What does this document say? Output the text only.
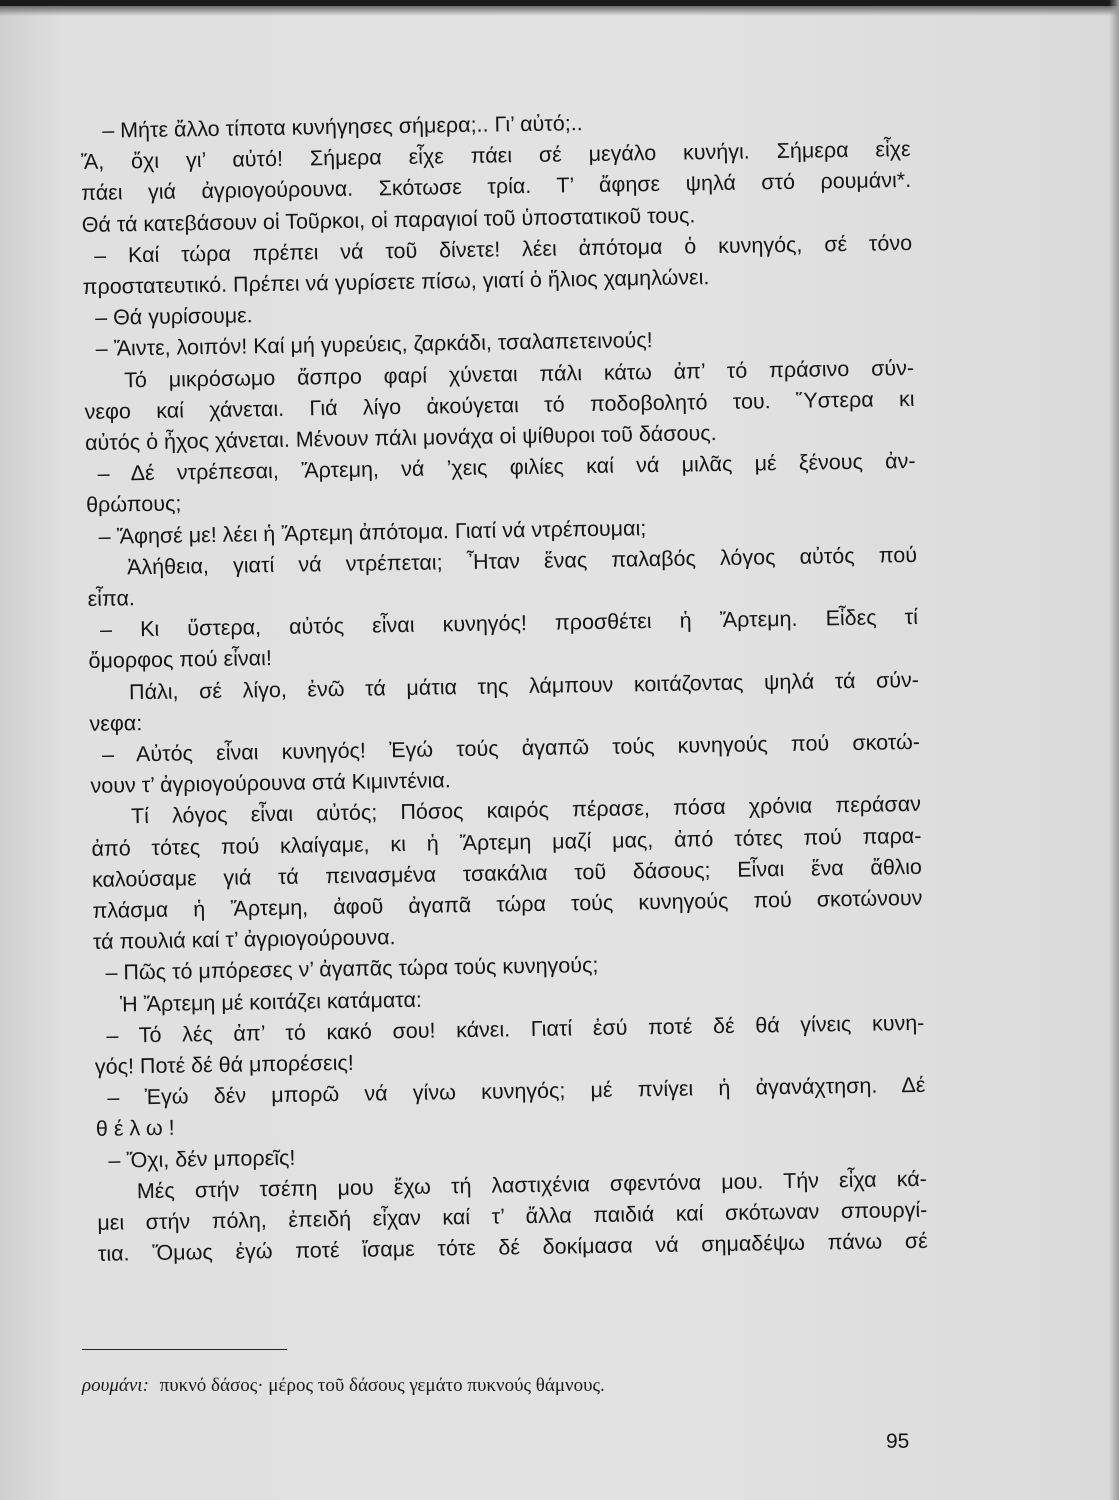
– Μήτε ἄλλο τίποτα κυνήγησες σήμερα;.. Γι’ αὐτό;..
Ἄ, ὄχι γι’ αὐτό! Σήμερα εἶχε πάει σέ μεγάλο κυνήγι. Σήμερα εἶχε
πάει γιά ἀγριογούρουνα. Σκότωσε τρία. Τ’ ἄφησε ψηλά στό ρουμάνι*.
Θά τά κατεβάσουν οἱ Τοῦρκοι, οἱ παραγιοί τοῦ ὑποστατικοῦ τους.
– Καί τώρα πρέπει νά τοῦ δίνετε! λέει ἀπότομα ὁ κυνηγός, σέ τόνο
προστατευτικό. Πρέπει νά γυρίσετε πίσω, γιατί ὁ ἥλιος χαμηλώνει.
– Θά γυρίσουμε.
– Ἄιντε, λοιπόν! Καί μή γυρεύεις, ζαρκάδι, τσαλαπετεινούς!
Τό μικρόσωμο ἄσπρο φαρί χύνεται πάλι κάτω ἀπ’ τό πράσινο σύν-
νεφο καί χάνεται. Γιά λίγο ἀκούγεται τό ποδοβολητό του. Ὕστερα κι
αὐτός ὁ ἦχος χάνεται. Μένουν πάλι μονάχα οἱ ψίθυροι τοῦ δάσους.
– Δέ ντρέπεσαι, Ἄρτεμη, νά ’χεις φιλίες καί νά μιλᾶς μέ ξένους ἀν-
θρώπους;
– Ἄφησέ με! λέει ἡ Ἄρτεμη ἀπότομα. Γιατί νά ντρέπουμαι;
Ἀλήθεια, γιατί νά ντρέπεται; Ἦταν ἕνας παλαβός λόγος αὐτός πού
εἶπα.
– Κι ὕστερα, αὐτός εἶναι κυνηγός! προσθέτει ἡ Ἄρτεμη. Εἶδες τί
ὄμορφος πού εἶναι!
Πάλι, σέ λίγο, ἐνῶ τά μάτια της λάμπουν κοιτάζοντας ψηλά τά σύν-
νεφα:
– Αὐτός εἶναι κυνηγός! Ἐγώ τούς ἀγαπῶ τούς κυνηγούς πού σκοτώ-
νουν τ’ ἀγριογούρουνα στά Κιμιντένια.
Τί λόγος εἶναι αὐτός; Πόσος καιρός πέρασε, πόσα χρόνια περάσαν
ἀπό τότες πού κλαίγαμε, κι ἡ Ἄρτεμη μαζί μας, ἀπό τότες πού παρα-
καλούσαμε γιά τά πεινασμένα τσακάλια τοῦ δάσους; Εἶναι ἕνα ἄθλιο
πλάσμα ἡ Ἄρτεμη, ἀφοῦ ἀγαπᾶ τώρα τούς κυνηγούς πού σκοτώνουν
τά πουλιά καί τ’ ἀγριογούρουνα.
– Πῶς τό μπόρεσες ν’ ἀγαπᾶς τώρα τούς κυνηγούς;
Ἡ Ἄρτεμη μέ κοιτάζει κατάματα:
– Τό λές ἀπ’ τό κακό σου! κάνει. Γιατί ἐσύ ποτέ δέ θά γίνεις κυνη-
γός! Ποτέ δέ θά μπορέσεις!
– Ἐγώ δέν μπορῶ νά γίνω κυνηγός; μέ πνίγει ἡ ἀγανάχτηση. Δέ
θέλω!
– Ὄχι, δέν μπορεῖς!
Μές στήν τσέπη μου ἔχω τή λαστιχένια σφεντόνα μου. Τήν εἶχα κά-
μει στήν πόλη, ἐπειδή εἶχαν καί τ’ ἄλλα παιδιά καί σκότωναν σπουργί-
τια. Ὅμως ἐγώ ποτέ ἴσαμε τότε δέ δοκίμασα νά σημαδέψω πάνω σέ
ρουμάνι: πυκνό δάσος· μέρος τοῦ δάσους γεμάτο πυκνούς θάμνους.
95
